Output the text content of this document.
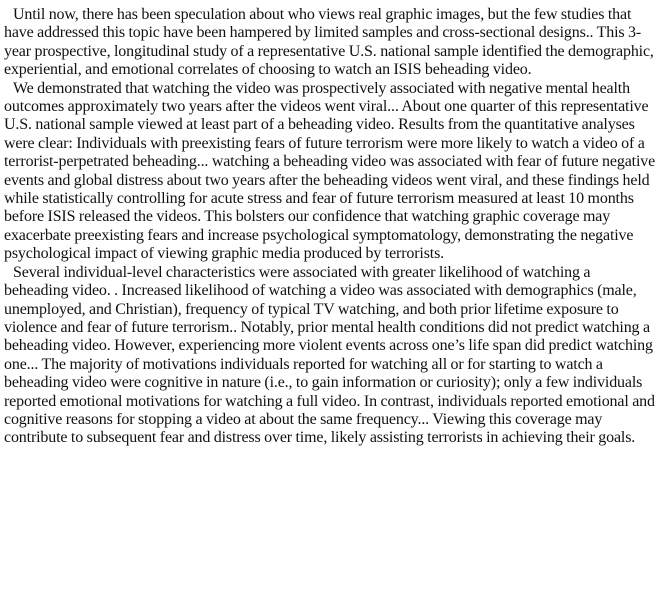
Until now, there has been speculation about who views real graphic images, but the few studies that have addressed this topic have been hampered by limited samples and cross-sectional designs.. This 3-year prospective, longitudinal study of a representative U.S. national sample identified the demographic, experiential, and emotional correlates of choosing to watch an ISIS beheading video.

We demonstrated that watching the video was prospectively associated with negative mental health outcomes approximately two years after the videos went viral... About one quarter of this representative U.S. national sample viewed at least part of a beheading video. Results from the quantitative analyses were clear: Individuals with preexisting fears of future terrorism were more likely to watch a video of a terrorist-perpetrated beheading... watching a beheading video was associated with fear of future negative events and global distress about two years after the beheading videos went viral, and these findings held while statistically controlling for acute stress and fear of future terrorism measured at least 10 months before ISIS released the videos. This bolsters our confidence that watching graphic coverage may exacerbate preexisting fears and increase psychological symptomatology, demonstrating the negative psychological impact of viewing graphic media produced by terrorists.

Several individual-level characteristics were associated with greater likelihood of watching a beheading video. . Increased likelihood of watching a video was associated with demographics (male, unemployed, and Christian), frequency of typical TV watching, and both prior lifetime exposure to violence and fear of future terrorism.. Notably, prior mental health conditions did not predict watching a beheading video. However, experiencing more violent events across one’s life span did predict watching one... The majority of motivations individuals reported for watching all or for starting to watch a beheading video were cognitive in nature (i.e., to gain information or curiosity); only a few individuals reported emotional motivations for watching a full video. In contrast, individuals reported emotional and cognitive reasons for stopping a video at about the same frequency... Viewing this coverage may contribute to subsequent fear and distress over time, likely assisting terrorists in achieving their goals.
